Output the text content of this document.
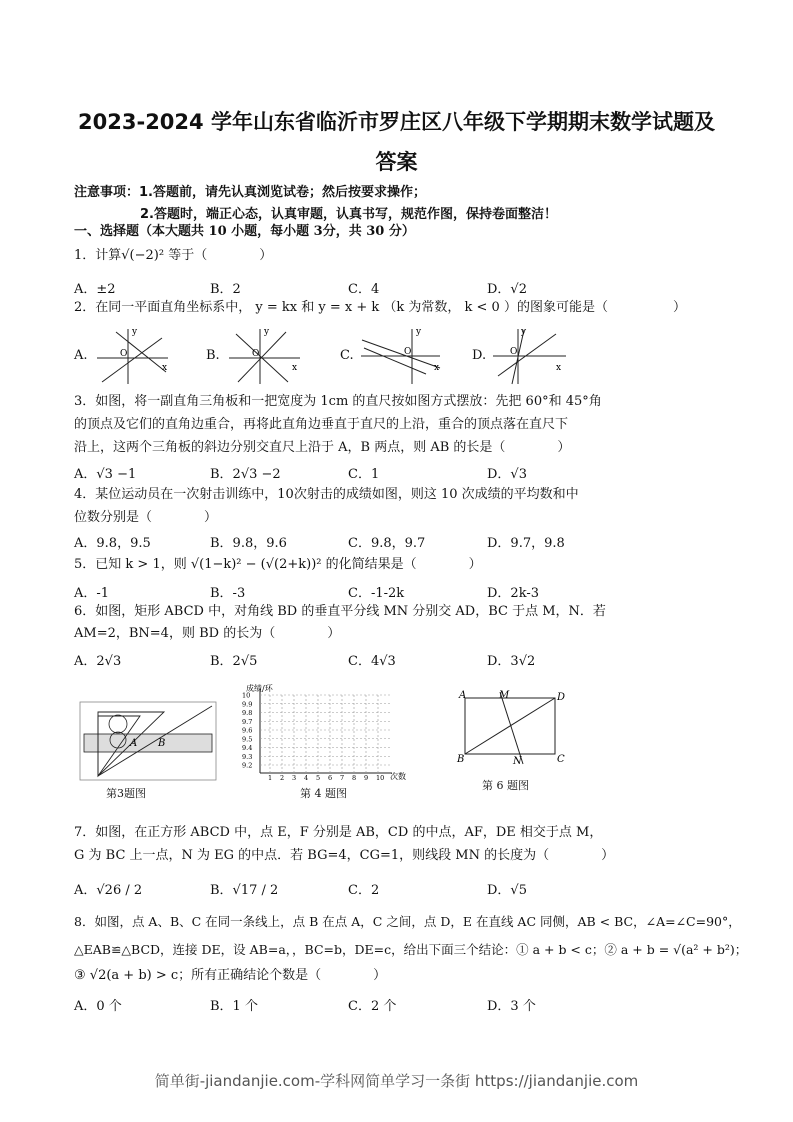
2023-2024 学年山东省临沂市罗庄区八年级下学期期末数学试题及
答案
注意事项：1.答题前，请先认真浏览试卷；然后按要求操作；
2.答题时，端正心态，认真审题，认真书写，规范作图，保持卷面整洁！
一、选择题（本大题共 10 小题，每小题 3分，共 30 分）
1．计算√(−2)² 等于（　　　　）
A．±2	B．2	C．4	D．√2
2．在同一平面直角坐标系中， y = kx 和 y = x + k （k 为常数， k < 0 ）的图象可能是（　　　　　）
A.	B.	C.	D.
y
O
x
y
O
x
y
O
x
y
O
x
3．如图，将一副直角三角板和一把宽度为 1cm 的直尺按如图方式摆放：先把 60°和 45°角
的顶点及它们的直角边重合，再将此直角边垂直于直尺的上沿，重合的顶点落在直尺下
沿上，这两个三角板的斜边分别交直尺上沿于 A，B 两点，则 AB 的长是（　　　　）
A．√3 −1	B．2√3 −2	C．1	D．√3
4．某位运动员在一次射击训练中，10次射击的成绩如图，则这 10 次成绩的平均数和中
位数分别是（　　　　）
A．9.8，9.5	B．9.8，9.6	C．9.8，9.7	D．9.7，9.8
5．已知 k > 1，则 √(1−k)² − (√(2+k))² 的化简结果是（　　　　）
A．-1	B．-3	C．-1-2k	D．2k-3
6．如图，矩形 ABCD 中，对角线 BD 的垂直平分线 MN 分别交 AD，BC 于点 M，N．若
AM=2，BN=4，则 BD 的长为（　　　　）
A．2√3	B．2√5	C．4√3	D．3√2
A B
第3题图
成绩/环
次数
10
9.9
9.8
9.7
9.6
9.5
9.4
9.3
9.2
1 2 3 4 5 6 7 8 9 10
第 4 题图
A	M	D
B	N	C
第 6 题图
7．如图，在正方形 ABCD 中，点 E，F 分别是 AB，CD 的中点，AF，DE 相交于点 M，
G 为 BC 上一点，N 为 EG 的中点．若 BG=4，CG=1，则线段 MN 的长度为（　　　　）
A．√26 / 2	B．√17 / 2	C．2	D．√5
8．如图，点 A、B、C 在同一条线上，点 B 在点 A，C 之间，点 D，E 在直线 AC 同侧，AB < BC，∠A=∠C=90°，
△EAB≌△BCD，连接 DE，设 AB=a，，BC=b，DE=c，给出下面三个结论：① a + b < c；② a + b = √(a² + b²)；
③ √2(a + b) > c；所有正确结论个数是（　　　　）
A．0 个	B．1 个	C．2 个	D．3 个
简单街-jiandanjie.com-学科网简单学习一条街 https://jiandanjie.com
